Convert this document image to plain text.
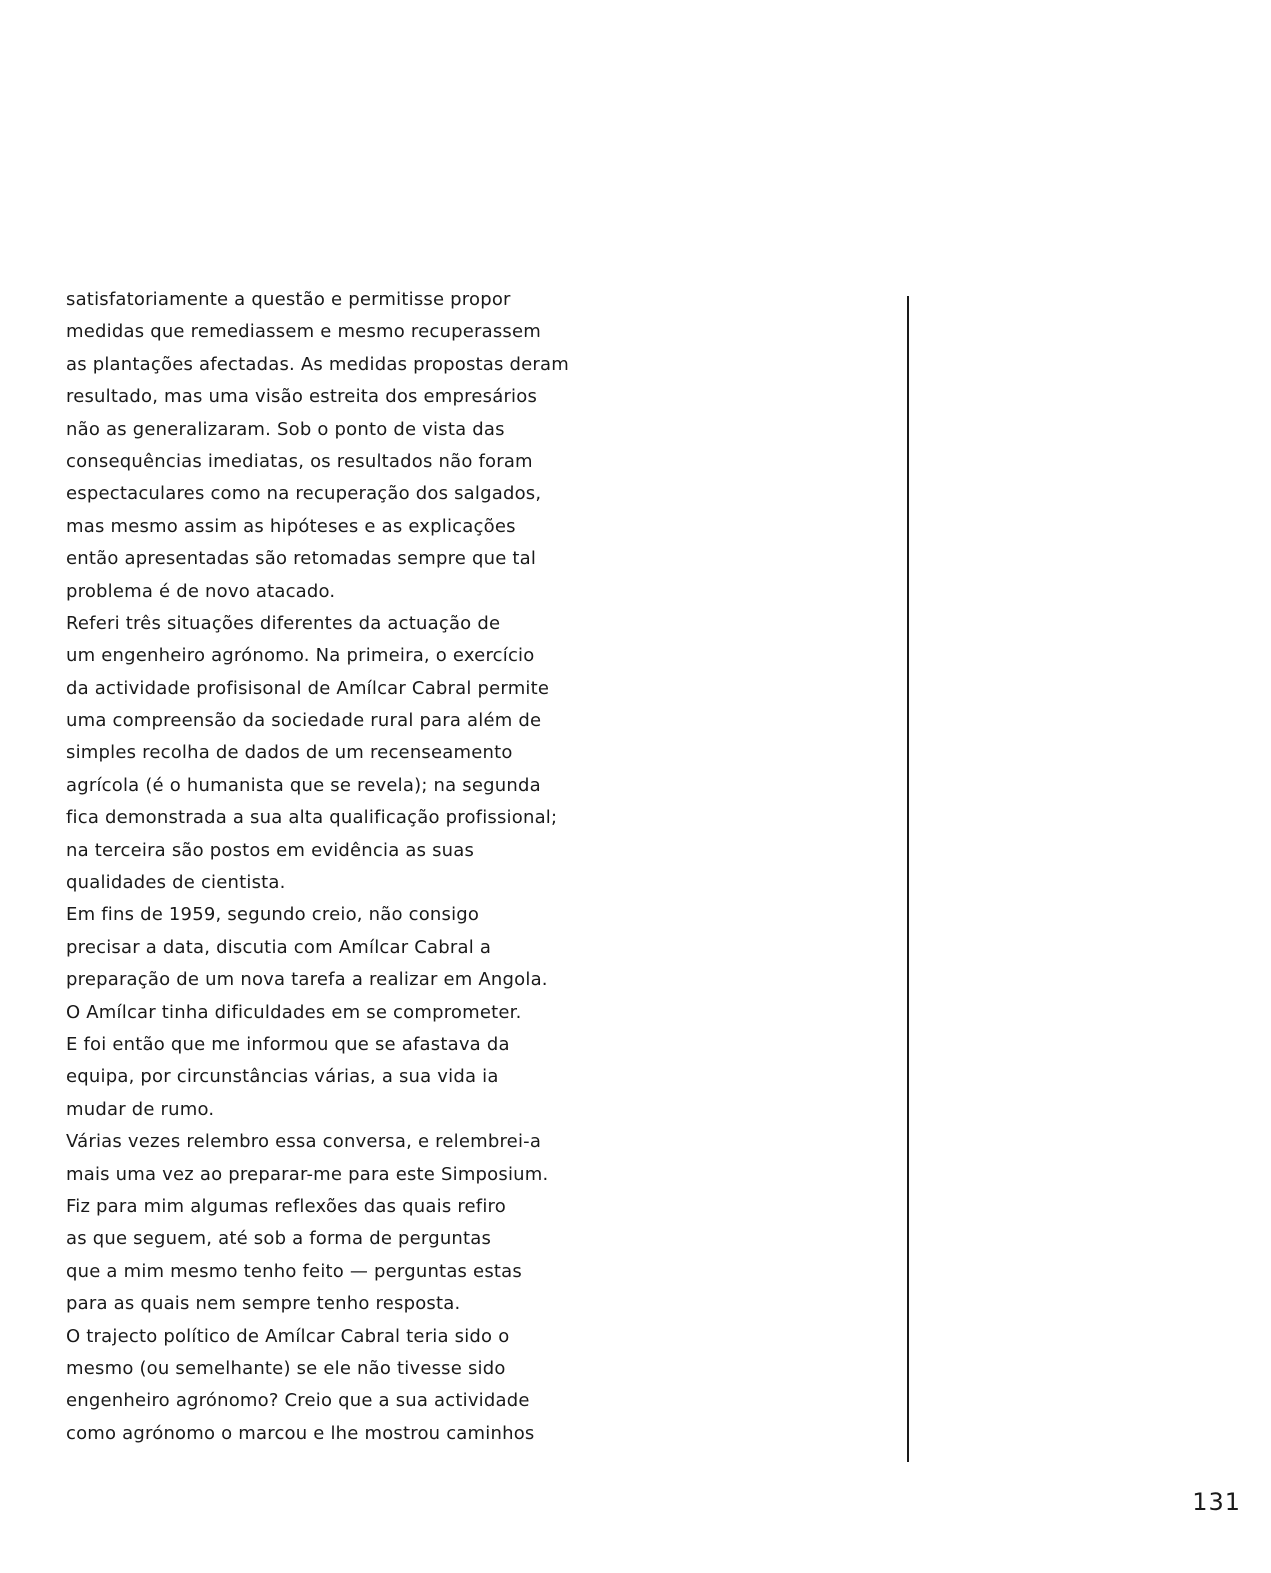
satisfatoriamente a questão e permitisse propor
medidas que remediassem e mesmo recuperassem
as plantações afectadas. As medidas propostas deram
resultado, mas uma visão estreita dos empresários
não as generalizaram. Sob o ponto de vista das
consequências imediatas, os resultados não foram
espectaculares como na recuperação dos salgados,
mas mesmo assim as hipóteses e as explicações
então apresentadas são retomadas sempre que tal
problema é de novo atacado.
Referi três situações diferentes da actuação de
um engenheiro agrónomo. Na primeira, o exercício
da actividade profisisonal de Amílcar Cabral permite
uma compreensão da sociedade rural para além de
simples recolha de dados de um recenseamento
agrícola (é o humanista que se revela); na segunda
fica demonstrada a sua alta qualificação profissional;
na terceira são postos em evidência as suas
qualidades de cientista.
Em fins de 1959, segundo creio, não consigo
precisar a data, discutia com Amílcar Cabral a
preparação de um nova tarefa a realizar em Angola.
O Amílcar tinha dificuldades em se comprometer.
E foi então que me informou que se afastava da
equipa, por circunstâncias várias, a sua vida ia
mudar de rumo.
Várias vezes relembro essa conversa, e relembrei-a
mais uma vez ao preparar-me para este Simposium.
Fiz para mim algumas reflexões das quais refiro
as que seguem, até sob a forma de perguntas
que a mim mesmo tenho feito — perguntas estas
para as quais nem sempre tenho resposta.
O trajecto político de Amílcar Cabral teria sido o
mesmo (ou semelhante) se ele não tivesse sido
engenheiro agrónomo? Creio que a sua actividade
como agrónomo o marcou e lhe mostrou caminhos
131
